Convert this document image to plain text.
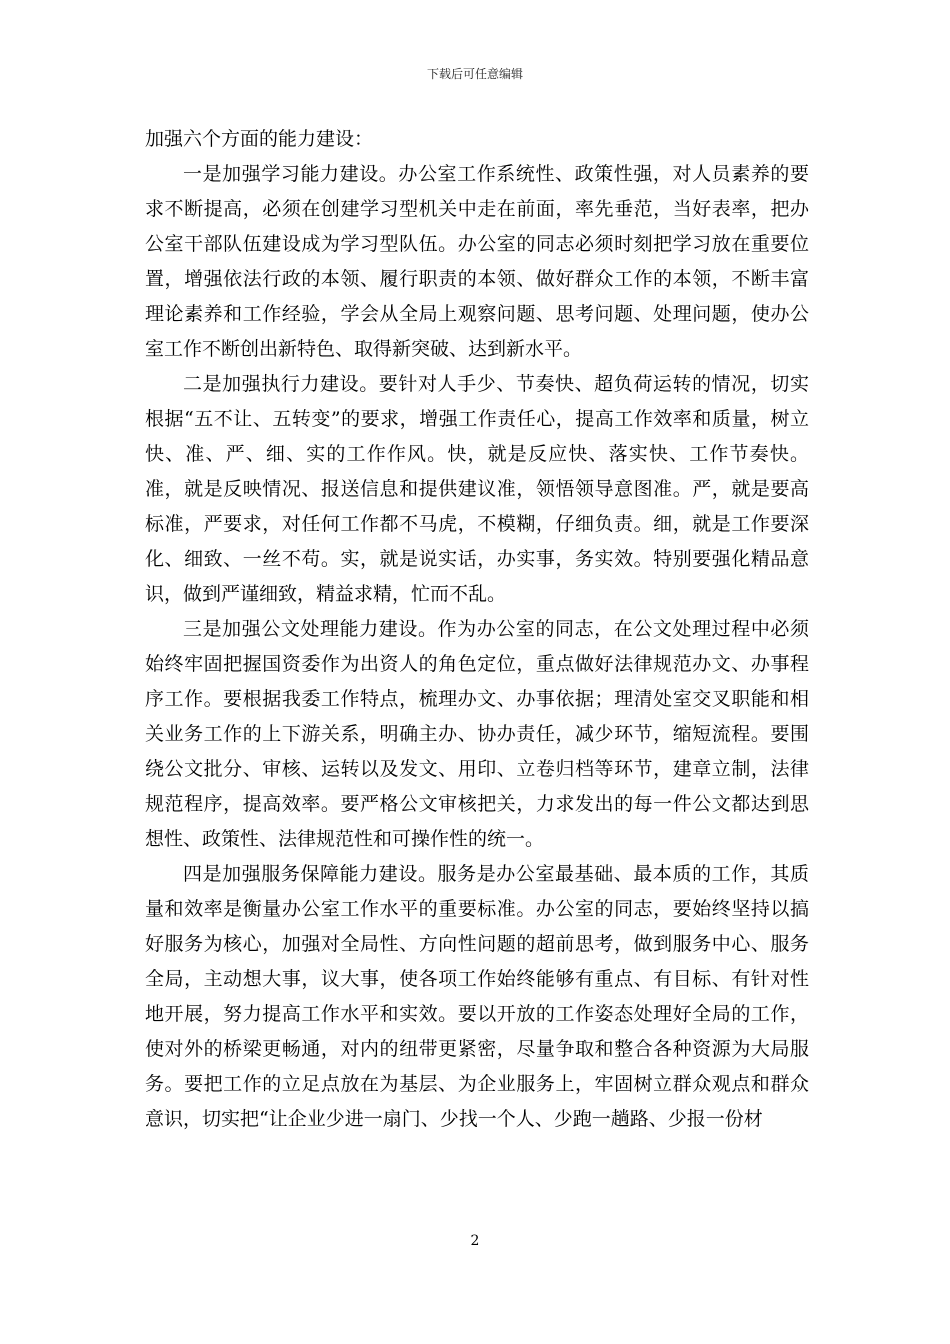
下载后可任意编辑

加强六个方面的能力建设：

一是加强学习能力建设。办公室工作系统性、政策性强，对人员素养的要求不断提高，必须在创建学习型机关中走在前面，率先垂范，当好表率，把办公室干部队伍建设成为学习型队伍。办公室的同志必须时刻把学习放在重要位置，增强依法行政的本领、履行职责的本领、做好群众工作的本领，不断丰富理论素养和工作经验，学会从全局上观察问题、思考问题、处理问题，使办公室工作不断创出新特色、取得新突破、达到新水平。

二是加强执行力建设。要针对人手少、节奏快、超负荷运转的情况，切实根据“五不让、五转变”的要求，增强工作责任心，提高工作效率和质量，树立快、准、严、细、实的工作作风。快，就是反应快、落实快、工作节奏快。准，就是反映情况、报送信息和提供建议准，领悟领导意图准。严，就是要高标准，严要求，对任何工作都不马虎，不模糊，仔细负责。细，就是工作要深化、细致、一丝不苟。实，就是说实话，办实事，务实效。特别要强化精品意识，做到严谨细致，精益求精，忙而不乱。

三是加强公文处理能力建设。作为办公室的同志，在公文处理过程中必须始终牢固把握国资委作为出资人的角色定位，重点做好法律规范办文、办事程序工作。要根据我委工作特点，梳理办文、办事依据；理清处室交叉职能和相关业务工作的上下游关系，明确主办、协办责任，减少环节，缩短流程。要围绕公文批分、审核、运转以及发文、用印、立卷归档等环节，建章立制，法律规范程序，提高效率。要严格公文审核把关，力求发出的每一件公文都达到思想性、政策性、法律规范性和可操作性的统一。

四是加强服务保障能力建设。服务是办公室最基础、最本质的工作，其质量和效率是衡量办公室工作水平的重要标准。办公室的同志，要始终坚持以搞好服务为核心，加强对全局性、方向性问题的超前思考，做到服务中心、服务全局，主动想大事，议大事，使各项工作始终能够有重点、有目标、有针对性地开展，努力提高工作水平和实效。要以开放的工作姿态处理好全局的工作，使对外的桥梁更畅通，对内的纽带更紧密，尽量争取和整合各种资源为大局服务。要把工作的立足点放在为基层、为企业服务上，牢固树立群众观点和群众意识，切实把“让企业少进一扇门、少找一个人、少跑一趟路、少报一份材

2
